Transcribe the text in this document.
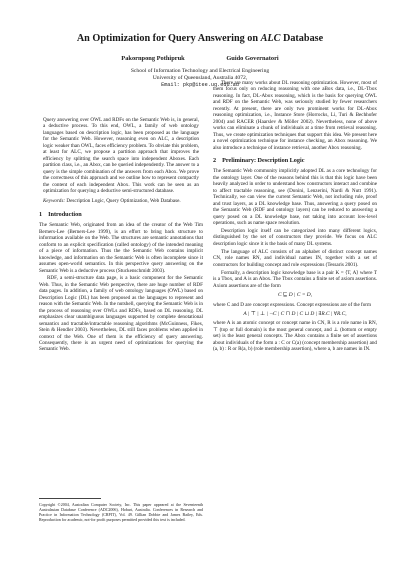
An Optimization for Query Answering on ALC Database
Pakornpong Pothipruk	Guido Governatori
School of Information Technology and Electrical Engineering
University of Queensland, Australia 4072,
Email: pkp@itee.uq.edu.au

Query answering over OWL and RDFs on the Semantic Web is, in general, a deductive process. To this end, OWL, a family of web ontology languages based on description logic, has been proposed as the language for the Semantic Web. However, reasoning even on ALC, a description logic weaker than OWL, faces efficiency problem. To obviate this problem, at least for ALC, we propose a partition approach that improves the efficiency by splitting the search space into independent Aboxes. Each partition class, i.e., an Abox, can be queried independently. The answer to a query is the simple combination of the answers from each Abox. We prove the correctness of this approach and we outline how to represent compactly the content of each independent Abox. This work can be seen as an optimization for querying a deductive semi-structured database.

Keywords: Description Logic, Query Optimization, Web Database.

1 Introduction

The Semantic Web, originated from an idea of the creator of the Web Tim Berners-Lee (Berners-Lee 1999), is an effort to bring back structure to information available on the Web. The structures are semantic annotations that conform to an explicit specification (called ontology) of the intended meaning of a piece of information. Thus the the Semantic Web contains implicit knowledge, and information on the Semantic Web is often incomplete since it assumes open-world semantics. In this perspective query answering on the Semantic Web is a deductive process (Stuckenschmidt 2003).

RDF, a semi-structure data page, is a basic component for the Semantic Web. Thus, in the Semantic Web perspective, there are huge number of RDF data pages. In addition, a family of web ontology languages (OWL) based on Description Logic (DL) has been proposed as the languages to represent and reason with the Semantic Web. In the nutshell, querying the Semantic Web is in the process of reasoning over OWLs and RDFs, based on DL reasoning. DL emphasizes clear unambiguous languages supported by complete denotational semantics and tractable/intractable reasoning algorithms (McGuinness, Fikes, Stein & Hendler 2003). Nevertheless, DL still faces problems when applied in context of the Web. One of them is the efficiency of query answering. Consequently, there is an urgent need of optimizations for querying the Semantic Web.

There are many works about DL reasoning optimization. However, most of them focus only on reducing reasoning with one aBox data, i.e., DL-Tbox reasoning. In fact, DL-Abox reasoning, which is the basis for querying OWL and RDF on the Semantic Web, was seriously studied by fewer researchers recently. At present, there are only two prominent works for DL-Abox reasoning optimization, i.e., Instance Store (Horrocks, Li, Turi & Bechhofer 2004) and RACER (Haarslev & Möller 2002). Nevertheless, none of above works can eliminate a chunk of individuals at a time from retrieval reasoning. Thus, we create optimization techniques that support this idea. We present here a novel optimization technique for instance checking, an Abox reasoning. We also introduce a technique of instance retrieval, another Abox reasoning.

2 Preliminary: Description Logic

The Semantic Web community implicitly adopted DL as a core technology for the ontology layer. One of the reasons behind this is that this logic have been heavily analyzed in order to understand how constructors interact and combine to affect tractable reasoning, see (Donini, Lenzerini, Nardi & Nutt 1991). Technically, we can view the current Semantic Web, not including rule, proof and trust layers, as a DL knowledge base. Thus, answering a query posed on the Semantic Web (RDF and ontology layers) can be reduced to answering a query posed on a DL knowledge base, not taking into account low-level operations, such as name space resolution.

Description logic itself can be categorized into many different logics, distinguished by the set of constructors they provide. We focus on ALC description logic since it is the basis of many DL systems.

The language of ALC consists of an alphabet of distinct concept names CN, role names RN, and individual names IN, together with a set of constructors for building concept and role expressions (Tessaris 2001).

Formally, a description logic knowledge base is a pair K = ⟨T, A⟩ where T is a Tbox, and A is an Abox. The Tbox contains a finite set of axiom assertions. Axiom assertions are of the form

C ⊑ D | C = D,

where C and D are concept expressions. Concept expressions are of the form

A | ⊤ | ⊥ | ¬C | C ⊓ D | C ⊔ D | ∃R.C | ∀R.C,

where A is an atomic concept or concept name in CN, R is a role name in RN, ⊤ (top or full domain) is the most general concept, and ⊥ (bottom or empty set) is the least general concepts. The Abox contains a finite set of assertions about individuals of the form a : C or C(a) (concept membership assertion) and (a, b) : R or R(a, b) (role membership assertion), where a, b are names in IN.

Copyright ©2004, Australian Computer Society, Inc. This paper appeared at the Seventeenth Australasian Database Conference (ADC2006), Hobart, Australia. Conferences in Research and Practice in Information Technology (CRPIT), Vol. 49. Gillian Dobbie and James Bailey, Eds. Reproduction for academic, not-for profit purposes permitted provided this text is included.
